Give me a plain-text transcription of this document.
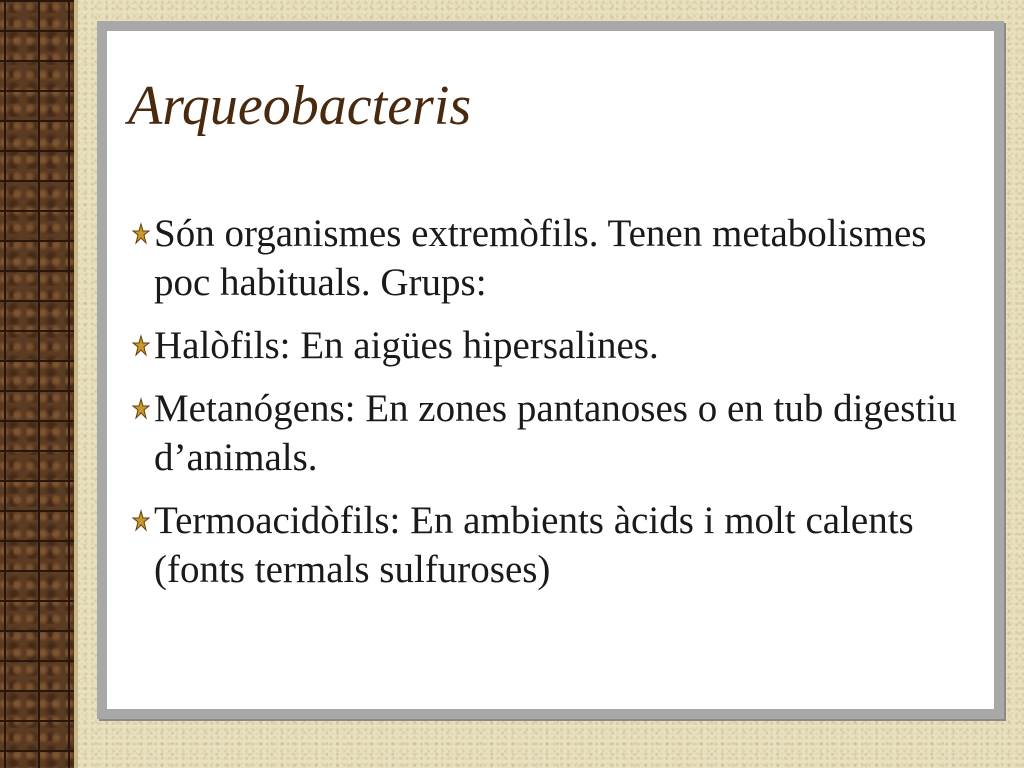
Arqueobacteris
Són organismes extremòfils. Tenen metabolismes poc habituals. Grups:
Halòfils: En aigües hipersalines.
Metanógens: En zones pantanoses o en tub digestiu d’animals.
Termoacidòfils: En ambients àcids i molt calents (fonts termals sulfuroses)
